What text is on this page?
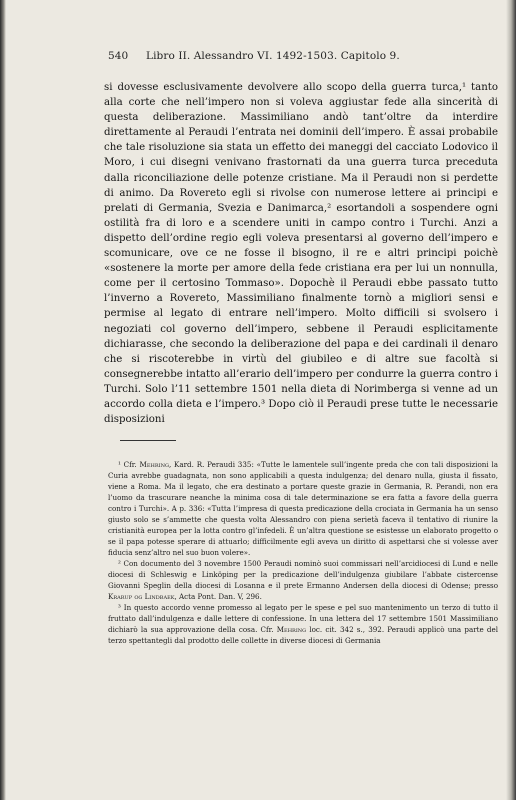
540 Libro II. Alessandro VI. 1492-1503. Capitolo 9.

si dovesse esclusivamente devolvere allo scopo della guerra turca,¹ tanto alla corte che nell’impero non si voleva aggiustar fede alla sincerità di questa deliberazione. Massimiliano andò tant’oltre da interdire direttamente al Peraudi l’entrata nei dominii dell’impero. È assai probabile che tale risoluzione sia stata un effetto dei maneggi del cacciato Lodovico il Moro, i cui disegni venivano frastornati da una guerra turca preceduta dalla riconciliazione delle potenze cristiane. Ma il Peraudi non si perdette di animo. Da Rovereto egli si rivolse con numerose lettere ai principi e prelati di Germania, Svezia e Danimarca,² esortandoli a sospendere ogni ostilità fra di loro e a scendere uniti in campo contro i Turchi. Anzi a dispetto dell’ordine regio egli voleva presentarsi al governo dell’impero e scomunicare, ove ce ne fosse il bisogno, il re e altri principi poichè «sostenere la morte per amore della fede cristiana era per lui un nonnulla, come per il certosino Tommaso». Dopochè il Peraudi ebbe passato tutto l’inverno a Rovereto, Massimiliano finalmente tornò a migliori sensi e permise al legato di entrare nell’impero. Molto difficili si svolsero i negoziati col governo dell’impero, sebbene il Peraudi esplicitamente dichiarasse, che secondo la deliberazione del papa e dei cardinali il denaro che si riscoterebbe in virtù del giubileo e di altre sue facoltà si consegnerebbe intatto all’erario dell’impero per condurre la guerra contro i Turchi. Solo l’11 settembre 1501 nella dieta di Norimberga si venne ad un accordo colla dieta e l’impero.³ Dopo ciò il Peraudi prese tutte le necessarie disposizioni

¹ Cfr. Mehring, Kard. R. Peraudi 335: «Tutte le lamentele sull’ingente preda che con tali disposizioni la Curia avrebbe guadagnata, non sono applicabili a questa indulgenza; del denaro nulla, giusta il fissato, viene a Roma. Ma il legato, che era destinato a portare queste grazie in Germania, R. Perandi, non era l’uomo da trascurare neanche la minima cosa di tale determinazione se era fatta a favore della guerra contro i Turchi». A p. 336: «Tutta l’impresa di questa predicazione della crociata in Germania ha un senso giusto solo se s’ammette che questa volta Alessandro con piena serietà faceva il tentativo di riunire la cristianità europea per la lotta contro gl’infedeli. È un’altra questione se esistesse un elaborato progetto o se il papa potesse sperare di attuarlo; difficilmente egli aveva un diritto di aspettarsi che si volesse aver fiducia senz’altro nel suo buon volere».

² Con documento del 3 novembre 1500 Peraudi nominò suoi commissari nell’arcidiocesi di Lund e nelle diocesi di Schleswig e Linköping per la predicazione dell’indulgenza giubilare l’abbate cistercense Giovanni Speglin della diocesi di Losanna e il prete Ermanno Andersen della diocesi di Odense; presso Krarup og Lindbaek, Acta Pont. Dan. V, 296.

³ In questo accordo venne promesso al legato per le spese e pel suo mantenimento un terzo di tutto il fruttato dall’indulgenza e dalle lettere di confessione. In una lettera del 17 settembre 1501 Massimiliano dichiarò la sua approvazione della cosa. Cfr. Mehring loc. cit. 342 s., 392. Peraudi applicò una parte del terzo spettantegli dal prodotto delle collette in diverse diocesi di Germania
